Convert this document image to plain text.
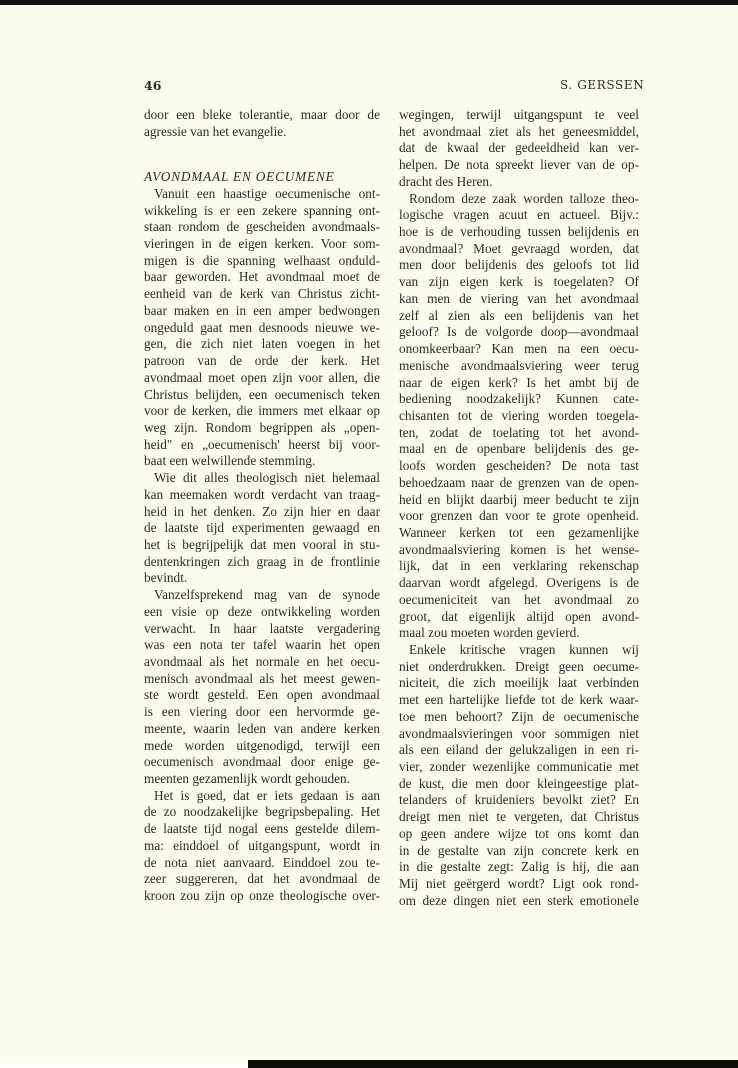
46	S. GERSSEN
door een bleke tolerantie, maar door de
agressie van het evangelie.
AVONDMAAL EN OECUMENE
Vanuit een haastige oecumenische ont-
wikkeling is er een zekere spanning ont-
staan rondom de gescheiden avondmaals-
vieringen in de eigen kerken. Voor som-
migen is die spanning welhaast onduld-
baar geworden. Het avondmaal moet de
eenheid van de kerk van Christus zicht-
baar maken en in een amper bedwongen
ongeduld gaat men desnoods nieuwe we-
gen, die zich niet laten voegen in het
patroon van de orde der kerk. Het
avondmaal moet open zijn voor allen, die
Christus belijden, een oecumenisch teken
voor de kerken, die immers met elkaar op
weg zijn. Rondom begrippen als „open-
heid" en „oecumenisch' heerst bij voor-
baat een welwillende stemming.
Wie dit alles theologisch niet helemaal
kan meemaken wordt verdacht van traag-
heid in het denken. Zo zijn hier en daar
de laatste tijd experimenten gewaagd en
het is begrijpelijk dat men vooral in stu-
dentenkringen zich graag in de frontlinie
bevindt.
Vanzelfsprekend mag van de synode
een visie op deze ontwikkeling worden
verwacht. In haar laatste vergadering
was een nota ter tafel waarin het open
avondmaal als het normale en het oecu-
menisch avondmaal als het meest gewen-
ste wordt gesteld. Een open avondmaal
is een viering door een hervormde ge-
meente, waarin leden van andere kerken
mede worden uitgenodigd, terwijl een
oecumenisch avondmaal door enige ge-
meenten gezamenlijk wordt gehouden.
Het is goed, dat er iets gedaan is aan
de zo noodzakelijke begripsbepaling. Het
de laatste tijd nogal eens gestelde dilem-
ma: einddoel of uitgangspunt, wordt in
de nota niet aanvaard. Einddoel zou te-
zeer suggereren, dat het avondmaal de
kroon zou zijn op onze theologische over-
wegingen, terwijl uitgangspunt te veel
het avondmaal ziet als het geneesmiddel,
dat de kwaal der gedeeldheid kan ver-
helpen. De nota spreekt liever van de op-
dracht des Heren.
Rondom deze zaak worden talloze theo-
logische vragen acuut en actueel. Bijv.:
hoe is de verhouding tussen belijdenis en
avondmaal? Moet gevraagd worden, dat
men door belijdenis des geloofs tot lid
van zijn eigen kerk is toegelaten? Of
kan men de viering van het avondmaal
zelf al zien als een belijdenis van het
geloof? Is de volgorde doop—avondmaal
onomkeerbaar? Kan men na een oecu-
menische avondmaalsviering weer terug
naar de eigen kerk? Is het ambt bij de
bediening noodzakelijk? Kunnen cate-
chisanten tot de viering worden toegela-
ten, zodat de toelating tot het avond-
maal en de openbare belijdenis des ge-
loofs worden gescheiden? De nota tast
behoedzaam naar de grenzen van de open-
heid en blijkt daarbij meer beducht te zijn
voor grenzen dan voor te grote openheid.
Wanneer kerken tot een gezamenlijke
avondmaalsviering komen is het wense-
lijk, dat in een verklaring rekenschap
daarvan wordt afgelegd. Overigens is de
oecumeniciteit van het avondmaal zo
groot, dat eigenlijk altijd open avond-
maal zou moeten worden gevierd.
Enkele kritische vragen kunnen wij
niet onderdrukken. Dreigt geen oecume-
niciteit, die zich moeilijk laat verbinden
met een hartelijke liefde tot de kerk waar-
toe men behoort? Zijn de oecumenische
avondmaalsvieringen voor sommigen niet
als een eiland der gelukzaligen in een ri-
vier, zonder wezenlijke communicatie met
de kust, die men door kleingeestige plat-
telanders of kruideniers bevolkt ziet? En
dreigt men niet te vergeten, dat Christus
op geen andere wijze tot ons komt dan
in de gestalte van zijn concrete kerk en
in die gestalte zegt: Zalig is hij, die aan
Mij niet geërgerd wordt? Ligt ook rond-
om deze dingen niet een sterk emotionele
